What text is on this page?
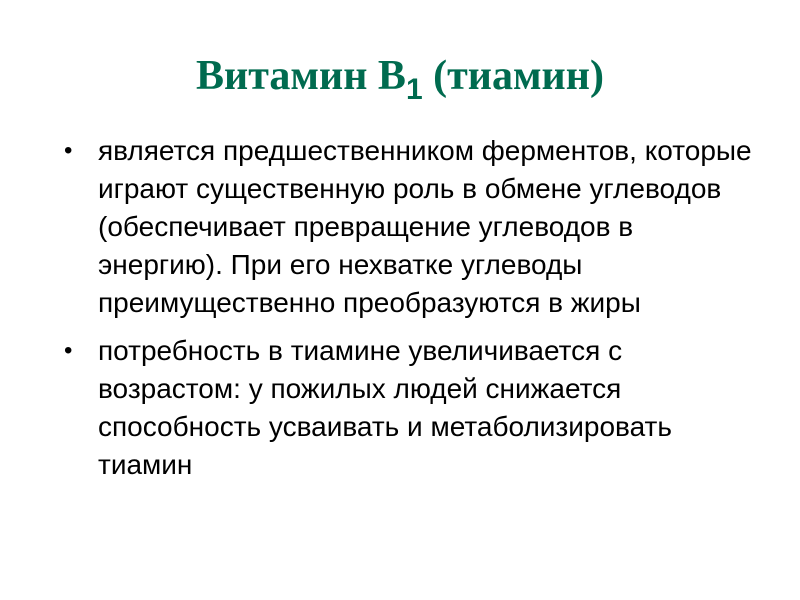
Витамин $В_1$ (тиамин)
• является предшественником ферментов, которые играют существенную роль в обмене углеводов (обеспечивает превращение углеводов в энергию). При его нехватке углеводы преимущественно преобразуются в жиры
• потребность в тиамине увеличивается с возрастом: у пожилых людей снижается способность усваивать и метаболизировать тиамин
